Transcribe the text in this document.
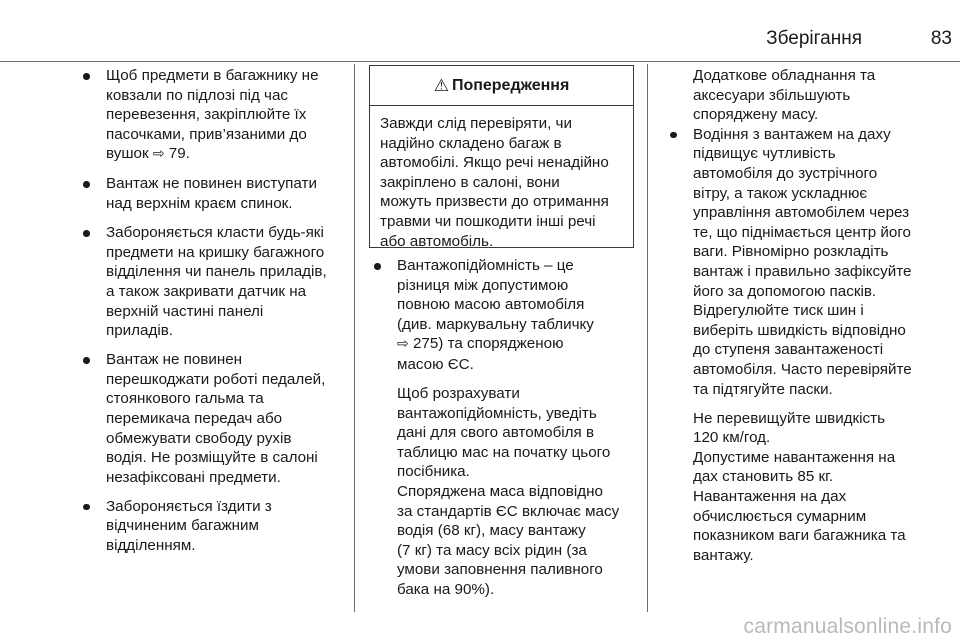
Зберігання	83
Щоб предмети в багажнику не
ковзали по підлозі під час
перевезення, закріплюйте їх
пасочками, прив’язаними до
вушок ⇨ 79.
Вантаж не повинен виступати
над верхнім краєм спинок.
Забороняється класти будь-які
предмети на кришку багажного
відділення чи панель приладів,
а також закривати датчик на
верхній частині панелі
приладів.
Вантаж не повинен
перешкоджати роботі педалей,
стоянкового гальма та
перемикача передач або
обмежувати свободу рухів
водія. Не розміщуйте в салоні
незафіксовані предмети.
Забороняється їздити з
відчиненим багажним
відділенням.
⚠ Попередження
Завжди слід перевіряти, чи
надійно складено багаж в
автомобілі. Якщо речі ненадійно
закріплено в салоні, вони
можуть призвести до отримання
травми чи пошкодити інші речі
або автомобіль.
Вантажопідйомність – це
різниця між допустимою
повною масою автомобіля
(див. маркувальну табличку
⇨ 275) та спорядженою
масою ЄС.

Щоб розрахувати
вантажопідйомність, уведіть
дані для свого автомобіля в
таблицю мас на початку цього
посібника.

Споряджена маса відповідно
за стандартів ЄС включає масу
водія (68 кг), масу вантажу
(7 кг) та масу всіх рідин (за
умови заповнення паливного
бака на 90%).

Додаткове обладнання та
аксесуари збільшують
споряджену масу.

Водіння з вантажем на даху
підвищує чутливість
автомобіля до зустрічного
вітру, а також ускладнює
управління автомобілем через
те, що піднімається центр його
ваги. Рівномірно розкладіть
вантаж і правильно зафіксуйте
його за допомогою пасків.
Відрегулюйте тиск шин і
виберіть швидкість відповідно
до ступеня завантаженості
автомобіля. Часто перевіряйте
та підтягуйте паски.

Не перевищуйте швидкість
120 км/год.

Допустиме навантаження на
дах становить 85 кг.
Навантаження на дах
обчислюється сумарним
показником ваги багажника та
вантажу.

carmanualsonline.info
